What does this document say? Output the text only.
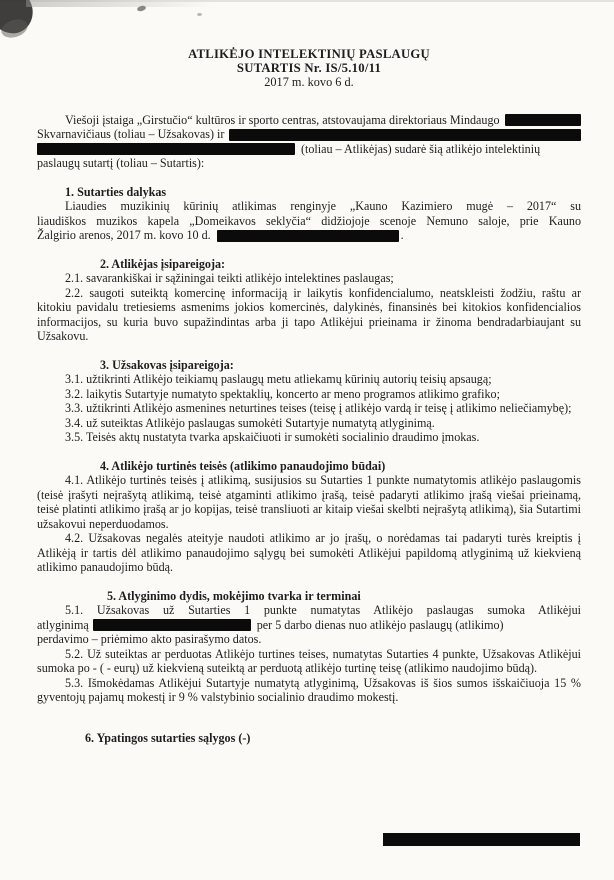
ATLIKĖJO INTELEKTINIŲ PASLAUGŲ
SUTARTIS Nr. IS/5.10/11
2017 m. kovo 6 d.
Viešoji įstaiga „Girstučio“ kultūros ir sporto centras, atstovaujama direktoriaus Mindaugo
Skvarnavičiaus (toliau – Užsakovas) ir
(toliau – Atlikėjas) sudarė šią atlikėjo intelektinių
paslaugų sutartį (toliau – Sutartis):
1. Sutarties dalykas
Liaudies muzikinių kūrinių atlikimas renginyje „Kauno Kazimiero mugė – 2017“ su
liaudiškos muzikos kapela „Domeikavos seklyčia“ didžiojoje scenoje Nemuno saloje, prie Kauno
Žalgirio arenos, 2017 m. kovo 10 d.	.
2. Atlikėjas įsipareigoja:

2.1. savarankiškai ir sąžiningai teikti atlikėjo intelektines paslaugas;

2.2. saugoti suteiktą komercinę informaciją ir laikytis konfidencialumo, neatskleisti žodžiu, raštu ar kitokiu pavidalu tretiesiems asmenims jokios komercinės, dalykinės, finansinės bei kitokios konfidencialios informacijos, su kuria buvo supažindintas arba ji tapo Atlikėjui prieinama ir žinoma bendradarbiaujant su Užsakovu.

3. Užsakovas įsipareigoja:

3.1. užtikrinti Atlikėjo teikiamų paslaugų metu atliekamų kūrinių autorių teisių apsaugą;

3.2. laikytis Sutartyje numatyto spektaklių, koncerto ar meno programos atlikimo grafiko;

3.3. užtikrinti Atlikėjo asmenines neturtines teises (teisę į atlikėjo vardą ir teisę į atlikimo neliečiamybę);

3.4. už suteiktas Atlikėjo paslaugas sumokėti Sutartyje numatytą atlyginimą.

3.5. Teisės aktų nustatyta tvarka apskaičiuoti ir sumokėti socialinio draudimo įmokas.

4. Atlikėjo turtinės teisės (atlikimo panaudojimo būdai)

4.1. Atlikėjo turtinės teisės į atlikimą, susijusios su Sutarties 1 punkte numatytomis atlikėjo paslaugomis (teisė įrašyti neįrašytą atlikimą, teisė atgaminti atlikimo įrašą, teisė padaryti atlikimo įrašą viešai prieinamą, teisė platinti atlikimo įrašą ar jo kopijas, teisė transliuoti ar kitaip viešai skelbti neįrašytą atlikimą), šia Sutartimi užsakovui neperduodamos.

4.2. Užsakovas negalės ateityje naudoti atlikimo ar jo įrašų, o norėdamas tai padaryti turės kreiptis į Atlikėją ir tartis dėl atlikimo panaudojimo sąlygų bei sumokėti Atlikėjui papildomą atlyginimą už kiekvieną atlikimo panaudojimo būdą.

5. Atlyginimo dydis, mokėjimo tvarka ir terminai
5.1. Užsakovas už Sutarties 1 punkte numatytas Atlikėjo paslaugas sumoka Atlikėjui
atlyginimą	per 5 darbo dienas nuo atlikėjo paslaugų (atlikimo)
perdavimo – priėmimo akto pasirašymo datos.

5.2. Už suteiktas ar perduotas Atlikėjo turtines teises, numatytas Sutarties 4 punkte, Užsakovas Atlikėjui sumoka po - ( - eurų) už kiekvieną suteiktą ar perduotą atlikėjo turtinę teisę (atlikimo naudojimo būdą).

5.3. Išmokėdamas Atlikėjui Sutartyje numatytą atlyginimą, Užsakovas iš šios sumos išskaičiuoja 15 % gyventojų pajamų mokestį ir 9 % valstybinio socialinio draudimo mokestį.

6. Ypatingos sutarties sąlygos (-)
